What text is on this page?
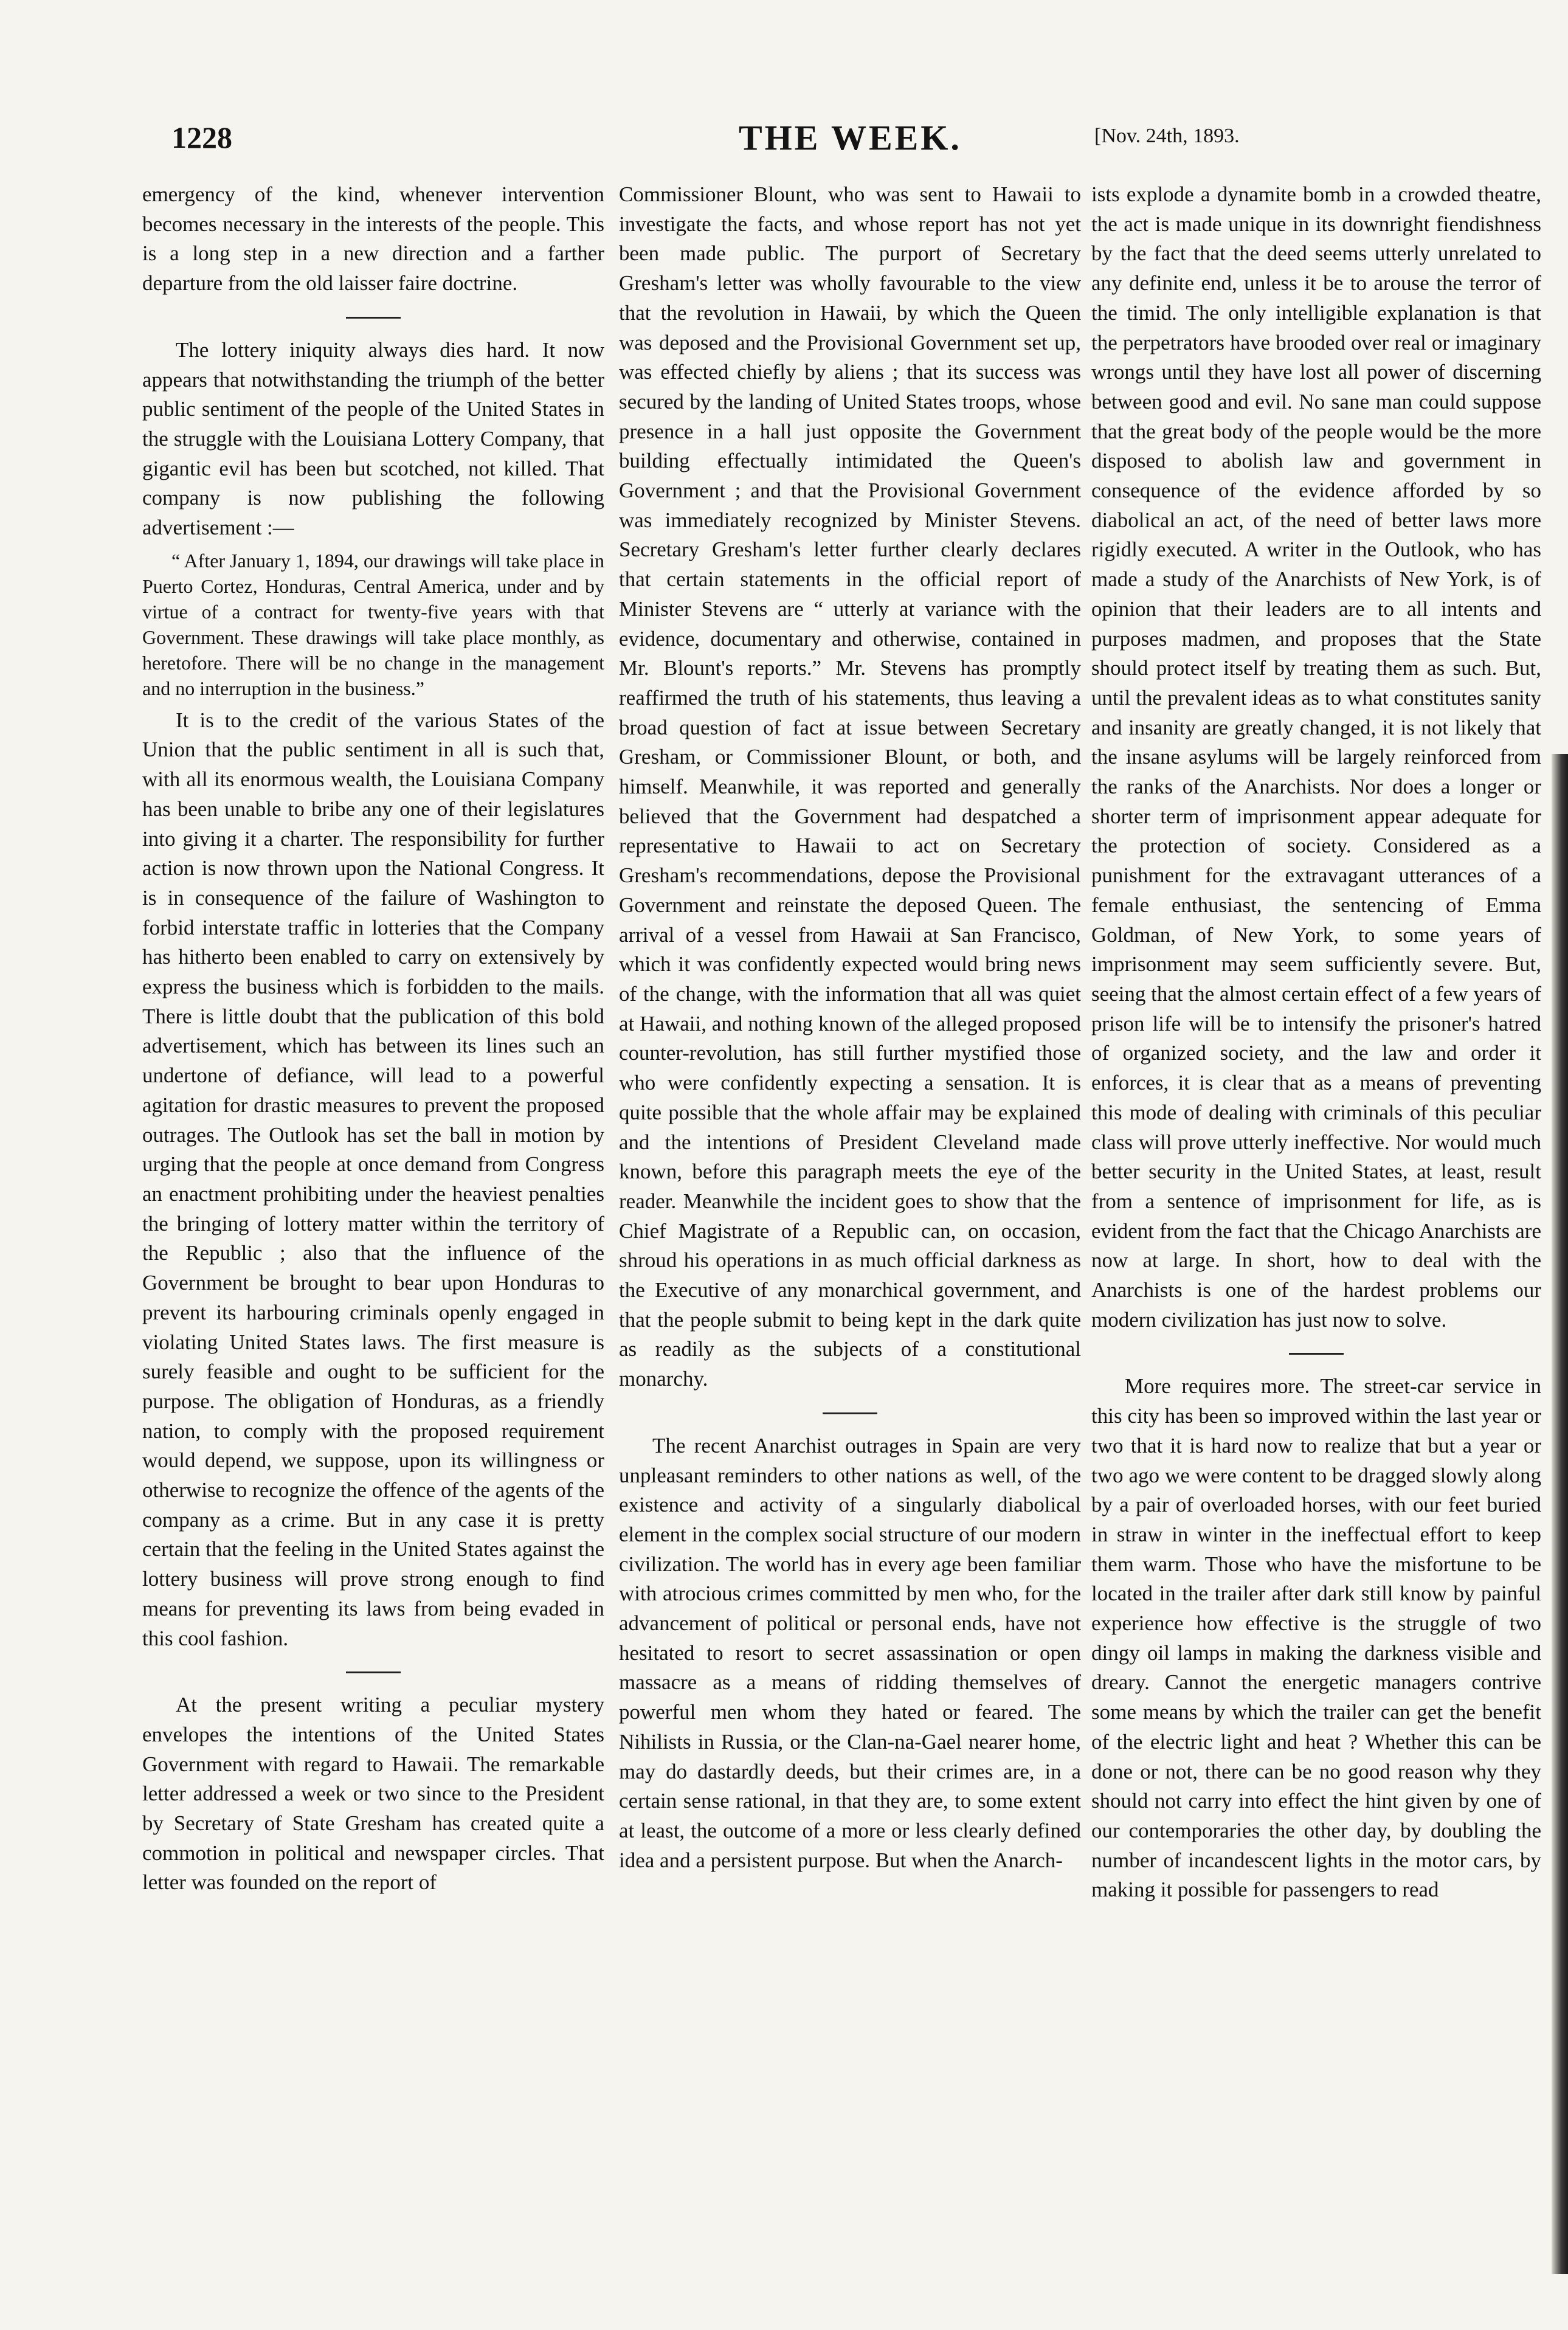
1228	THE WEEK.	[Nov. 24th, 1893.

emergency of the kind, whenever intervention becomes necessary in the interests of the people. This is a long step in a new direction and a farther departure from the old laisser faire doctrine.

The lottery iniquity always dies hard. It now appears that notwithstanding the triumph of the better public sentiment of the people of the United States in the struggle with the Louisiana Lottery Company, that gigantic evil has been but scotched, not killed. That company is now publishing the following advertisement :—

“ After January 1, 1894, our drawings will take place in Puerto Cortez, Honduras, Central America, under and by virtue of a contract for twenty-five years with that Government. These drawings will take place monthly, as heretofore. There will be no change in the management and no interruption in the business.”

It is to the credit of the various States of the Union that the public sentiment in all is such that, with all its enormous wealth, the Louisiana Company has been unable to bribe any one of their legislatures into giving it a charter. The responsibility for further action is now thrown upon the National Congress. It is in consequence of the failure of Washington to forbid interstate traffic in lotteries that the Company has hitherto been enabled to carry on extensively by express the business which is forbidden to the mails. There is little doubt that the publication of this bold advertisement, which has between its lines such an undertone of defiance, will lead to a powerful agitation for drastic measures to prevent the proposed outrages. The Outlook has set the ball in motion by urging that the people at once demand from Congress an enactment prohibiting under the heaviest penalties the bringing of lottery matter within the territory of the Republic ; also that the influence of the Government be brought to bear upon Honduras to prevent its harbouring criminals openly engaged in violating United States laws. The first measure is surely feasible and ought to be sufficient for the purpose. The obligation of Honduras, as a friendly nation, to comply with the proposed requirement would depend, we suppose, upon its willingness or otherwise to recognize the offence of the agents of the company as a crime. But in any case it is pretty certain that the feeling in the United States against the lottery business will prove strong enough to find means for preventing its laws from being evaded in this cool fashion.

At the present writing a peculiar mystery envelopes the intentions of the United States Government with regard to Hawaii. The remarkable letter addressed a week or two since to the President by Secretary of State Gresham has created quite a commotion in political and newspaper circles. That letter was founded on the report of

Commissioner Blount, who was sent to Hawaii to investigate the facts, and whose report has not yet been made public. The purport of Secretary Gresham's letter was wholly favourable to the view that the revolution in Hawaii, by which the Queen was deposed and the Provisional Government set up, was effected chiefly by aliens ; that its success was secured by the landing of United States troops, whose presence in a hall just opposite the Government building effectually intimidated the Queen's Government ; and that the Provisional Government was immediately recognized by Minister Stevens. Secretary Gresham's letter further clearly declares that certain statements in the official report of Minister Stevens are “ utterly at variance with the evidence, documentary and otherwise, contained in Mr. Blount's reports.” Mr. Stevens has promptly reaffirmed the truth of his statements, thus leaving a broad question of fact at issue between Secretary Gresham, or Commissioner Blount, or both, and himself. Meanwhile, it was reported and generally believed that the Government had despatched a representative to Hawaii to act on Secretary Gresham's recommendations, depose the Provisional Government and reinstate the deposed Queen. The arrival of a vessel from Hawaii at San Francisco, which it was confidently expected would bring news of the change, with the information that all was quiet at Hawaii, and nothing known of the alleged proposed counter-revolution, has still further mystified those who were confidently expecting a sensation. It is quite possible that the whole affair may be explained and the intentions of President Cleveland made known, before this paragraph meets the eye of the reader. Meanwhile the incident goes to show that the Chief Magistrate of a Republic can, on occasion, shroud his operations in as much official darkness as the Executive of any monarchical government, and that the people submit to being kept in the dark quite as readily as the subjects of a constitutional monarchy.

The recent Anarchist outrages in Spain are very unpleasant reminders to other nations as well, of the existence and activity of a singularly diabolical element in the complex social structure of our modern civilization. The world has in every age been familiar with atrocious crimes committed by men who, for the advancement of political or personal ends, have not hesitated to resort to secret assassination or open massacre as a means of ridding themselves of powerful men whom they hated or feared. The Nihilists in Russia, or the Clan-na-Gael nearer home, may do dastardly deeds, but their crimes are, in a certain sense rational, in that they are, to some extent at least, the outcome of a more or less clearly defined idea and a persistent purpose. But when the Anarch-

ists explode a dynamite bomb in a crowded theatre, the act is made unique in its downright fiendishness by the fact that the deed seems utterly unrelated to any definite end, unless it be to arouse the terror of the timid. The only intelligible explanation is that the perpetrators have brooded over real or imaginary wrongs until they have lost all power of discerning between good and evil. No sane man could suppose that the great body of the people would be the more disposed to abolish law and government in consequence of the evidence afforded by so diabolical an act, of the need of better laws more rigidly executed. A writer in the Outlook, who has made a study of the Anarchists of New York, is of opinion that their leaders are to all intents and purposes madmen, and proposes that the State should protect itself by treating them as such. But, until the prevalent ideas as to what constitutes sanity and insanity are greatly changed, it is not likely that the insane asylums will be largely reinforced from the ranks of the Anarchists. Nor does a longer or shorter term of imprisonment appear adequate for the protection of society. Considered as a punishment for the extravagant utterances of a female enthusiast, the sentencing of Emma Goldman, of New York, to some years of imprisonment may seem sufficiently severe. But, seeing that the almost certain effect of a few years of prison life will be to intensify the prisoner's hatred of organized society, and the law and order it enforces, it is clear that as a means of preventing this mode of dealing with criminals of this peculiar class will prove utterly ineffective. Nor would much better security in the United States, at least, result from a sentence of imprisonment for life, as is evident from the fact that the Chicago Anarchists are now at large. In short, how to deal with the Anarchists is one of the hardest problems our modern civilization has just now to solve.

More requires more. The street-car service in this city has been so improved within the last year or two that it is hard now to realize that but a year or two ago we were content to be dragged slowly along by a pair of overloaded horses, with our feet buried in straw in winter in the ineffectual effort to keep them warm. Those who have the misfortune to be located in the trailer after dark still know by painful experience how effective is the struggle of two dingy oil lamps in making the darkness visible and dreary. Cannot the energetic managers contrive some means by which the trailer can get the benefit of the electric light and heat ? Whether this can be done or not, there can be no good reason why they should not carry into effect the hint given by one of our contemporaries the other day, by doubling the number of incandescent lights in the motor cars, by making it possible for passengers to read
